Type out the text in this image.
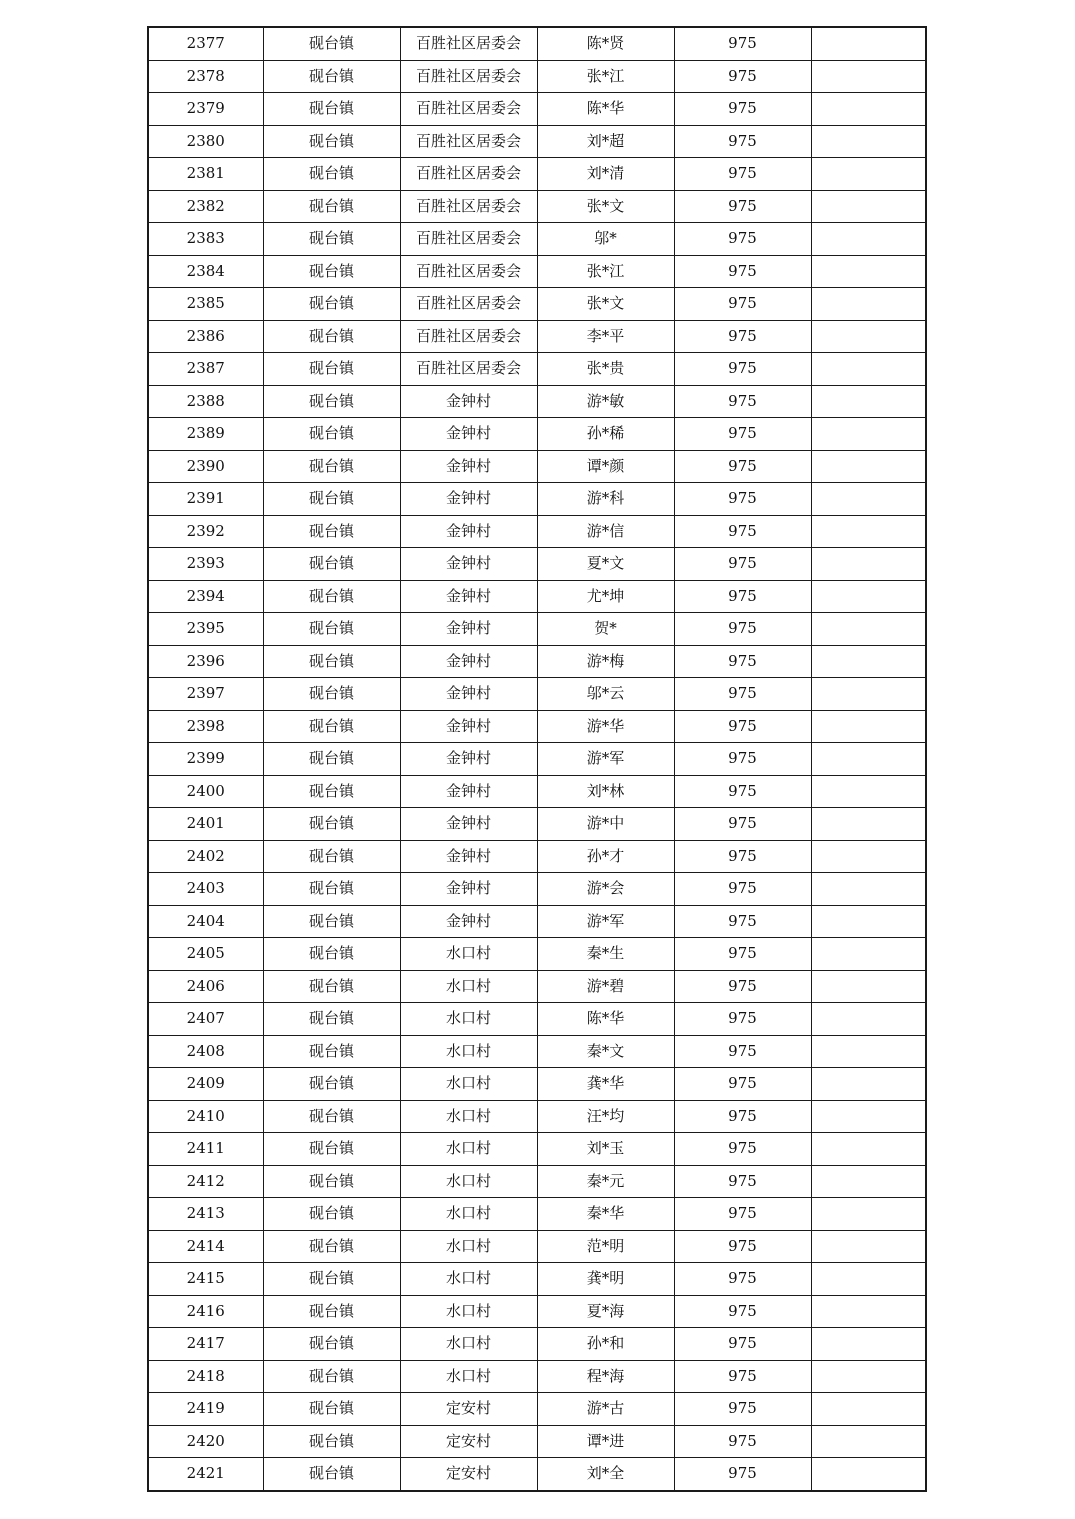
2377	砚台镇	百胜社区居委会	陈*贤	975	
2378	砚台镇	百胜社区居委会	张*江	975	
2379	砚台镇	百胜社区居委会	陈*华	975	
2380	砚台镇	百胜社区居委会	刘*超	975	
2381	砚台镇	百胜社区居委会	刘*清	975	
2382	砚台镇	百胜社区居委会	张*文	975	
2383	砚台镇	百胜社区居委会	邬*	975	
2384	砚台镇	百胜社区居委会	张*江	975	
2385	砚台镇	百胜社区居委会	张*文	975	
2386	砚台镇	百胜社区居委会	李*平	975	
2387	砚台镇	百胜社区居委会	张*贵	975	
2388	砚台镇	金钟村	游*敏	975	
2389	砚台镇	金钟村	孙*稀	975	
2390	砚台镇	金钟村	谭*颜	975	
2391	砚台镇	金钟村	游*科	975	
2392	砚台镇	金钟村	游*信	975	
2393	砚台镇	金钟村	夏*文	975	
2394	砚台镇	金钟村	尤*坤	975	
2395	砚台镇	金钟村	贺*	975	
2396	砚台镇	金钟村	游*梅	975	
2397	砚台镇	金钟村	邬*云	975	
2398	砚台镇	金钟村	游*华	975	
2399	砚台镇	金钟村	游*军	975	
2400	砚台镇	金钟村	刘*林	975	
2401	砚台镇	金钟村	游*中	975	
2402	砚台镇	金钟村	孙*才	975	
2403	砚台镇	金钟村	游*会	975	
2404	砚台镇	金钟村	游*军	975	
2405	砚台镇	水口村	秦*生	975	
2406	砚台镇	水口村	游*碧	975	
2407	砚台镇	水口村	陈*华	975	
2408	砚台镇	水口村	秦*文	975	
2409	砚台镇	水口村	龚*华	975	
2410	砚台镇	水口村	汪*均	975	
2411	砚台镇	水口村	刘*玉	975	
2412	砚台镇	水口村	秦*元	975	
2413	砚台镇	水口村	秦*华	975	
2414	砚台镇	水口村	范*明	975	
2415	砚台镇	水口村	龚*明	975	
2416	砚台镇	水口村	夏*海	975	
2417	砚台镇	水口村	孙*和	975	
2418	砚台镇	水口村	程*海	975	
2419	砚台镇	定安村	游*古	975	
2420	砚台镇	定安村	谭*进	975	
2421	砚台镇	定安村	刘*全	975	
